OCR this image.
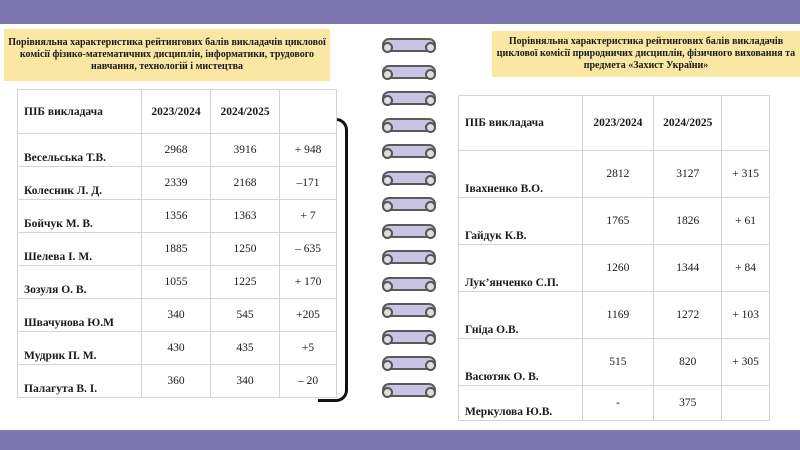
Порівняльна характеристика рейтингових балів викладачів циклової комісії фізико-математичних дисциплін, інформатики, трудового навчання, технологій і мистецтва
Порівняльна характеристика рейтингових балів викладачів циклової комісії природничих дисциплін, фізичного виховання та предмета «Захист України»
ПІБ викладача	2023/2024	2024/2025	
Весельська Т.В.	2968	3916	+ 948
Колесник Л. Д.	2339	2168	–171
Бойчук М. В.	1356	1363	+ 7
Шелева І. М.	1885	1250	– 635
Зозуля О. В.	1055	1225	+ 170
Швачунова Ю.М	340	545	+205
Мудрик П. М.	430	435	+5
Палагута В. І.	360	340	– 20
ПІБ викладача	2023/2024	2024/2025	
Івахненко В.О.	2812	3127	+ 315
Гайдук К.В.	1765	1826	+ 61
Лук’янченко С.П.	1260	1344	+ 84
Гніда О.В.	1169	1272	+ 103
Васютяк О. В.	515	820	+ 305
Меркулова Ю.В.	-	375	
